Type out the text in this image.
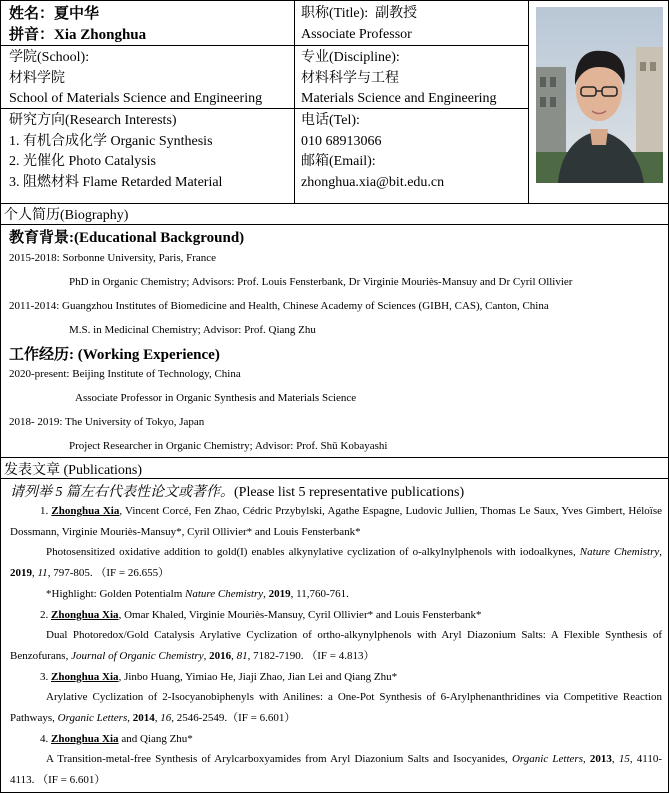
姓名：夏中华
拼音：Xia Zhonghua
职称(Title): 副教授
Associate Professor
学院(School):
材料学院
School of Materials Science and Engineering
专业(Discipline):
材料科学与工程
Materials Science and Engineering
研究方向(Research Interests)
1. 有机合成化学 Organic Synthesis
2. 光催化 Photo Catalysis
3. 阻燃材料 Flame Retarded Material
电话(Tel):
010 68913066
邮箱(Email):
zhonghua.xia@bit.edu.cn
个人简历(Biography)
教育背景:(Educational Background)
2015-2018: Sorbonne University, Paris, France
PhD in Organic Chemistry; Advisors: Prof. Louis Fensterbank, Dr Virginie Mouriès-Mansuy and Dr Cyril Ollivier
2011-2014: Guangzhou Institutes of Biomedicine and Health, Chinese Academy of Sciences (GIBH, CAS), Canton, China
M.S. in Medicinal Chemistry; Advisor: Prof. Qiang Zhu
工作经历: (Working Experience)
2020-present: Beijing Institute of Technology, China
Associate Professor in Organic Synthesis and Materials Science
2018- 2019: The University of Tokyo, Japan
Project Researcher in Organic Chemistry; Advisor: Prof. Shū Kobayashi
发表文章 (Publications)
请列举 5 篇左右代表性论文或著作。(Please list 5 representative publications)

1. Zhonghua Xia, Vincent Corcé, Fen Zhao, Cédric Przybylski, Agathe Espagne, Ludovic Jullien, Thomas Le Saux, Yves Gimbert, Héloïse Dossmann, Virginie Mouriès-Mansuy*, Cyril Ollivier* and Louis Fensterbank*

Photosensitized oxidative addition to gold(I) enables alkynylative cyclization of o-alkylnylphenols with iodoalkynes, Nature Chemistry, 2019, 11, 797-805. （IF = 26.655）

*Highlight: Golden Potentialm Nature Chemistry, 2019, 11,760-761.

2. Zhonghua Xia, Omar Khaled, Virginie Mouriès-Mansuy, Cyril Ollivier* and Louis Fensterbank*

Dual Photoredox/Gold Catalysis Arylative Cyclization of ortho-alkynylphenols with Aryl Diazonium Salts: A Flexible Synthesis of Benzofurans, Journal of Organic Chemistry, 2016, 81, 7182-7190. （IF = 4.813）

3. Zhonghua Xia, Jinbo Huang, Yimiao He, Jiaji Zhao, Jian Lei and Qiang Zhu*

Arylative Cyclization of 2-Isocyanobiphenyls with Anilines: a One-Pot Synthesis of 6-Arylphenanthridines via Competitive Reaction Pathways, Organic Letters, 2014, 16, 2546-2549.（IF = 6.601）

4. Zhonghua Xia and Qiang Zhu*

A Transition-metal-free Synthesis of Arylcarboxyamides from Aryl Diazonium Salts and Isocyanides, Organic Letters, 2013, 15, 4110-4113. （IF = 6.601）
